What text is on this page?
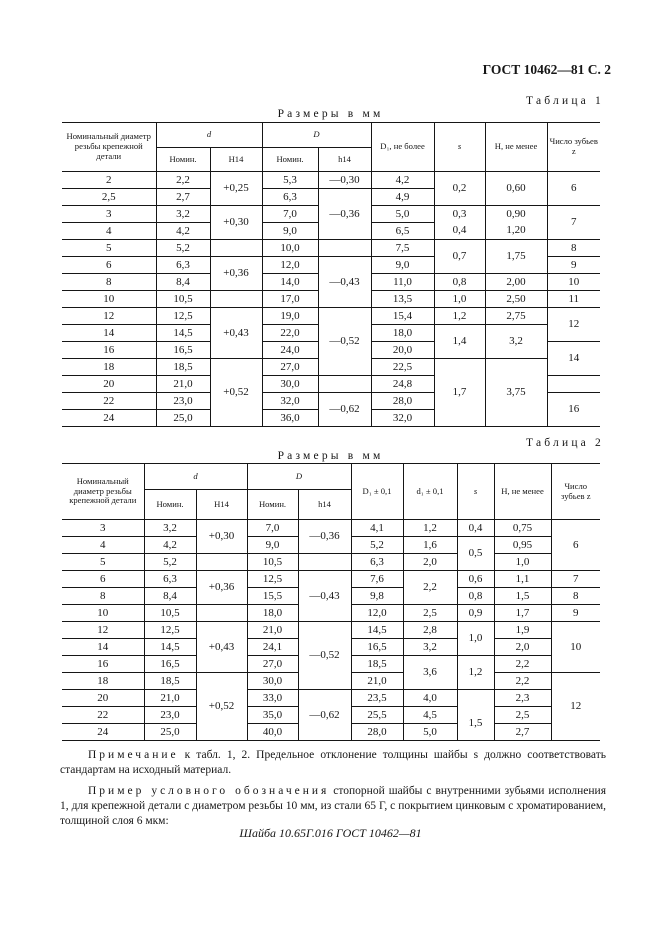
ГОСТ 10462—81 С. 2
Таблица 1
Размеры в мм
Номинальный диаметр резьбы крепежной детали	d		D		D₁, не более	s	H, не менее	Число зубьев z
	Номин.	H14	Номин.	h14				
2	2,2	+0,25	5,3	—0,30	4,2	0,2	0,60	6
2,5	2,7		6,3	—0,36	4,9			
3	3,2	+0,30	7,0		5,0	0,3	0,90	7
4	4,2		9,0		6,5	0,4	1,20	
5	5,2		10,0		7,5	0,7	1,75	8
6	6,3	+0,36	12,0	—0,43	9,0			9
8	8,4		14,0		11,0	0,8	2,00	10
10	10,5		17,0		13,5	1,0	2,50	11
12	12,5	+0,43	19,0	—0,52	15,4	1,2	2,75	12
14	14,5		22,0		18,0	1,4	3,2	
16	16,5		24,0		20,0			14
18	18,5	+0,52	27,0		22,5	1,7	3,75	
20	21,0		30,0		24,8			
22	23,0		32,0	—0,62	28,0			16
24	25,0		36,0		32,0			
Таблица 2
Размеры в мм
Номинальный диаметр резьбы крепежной детали	d		D		D₁ ± 0,1	d₁ ± 0,1	s	H, не менее	Число зубьев z
	Номин.	H14	Номин.	h14					
3	3,2	+0,30	7,0	—0,36	4,1	1,2	0,4	0,75	6
4	4,2		9,0		5,2	1,6	0,5	0,95	
5	5,2		10,5		6,3	2,0		1,0	
6	6,3	+0,36	12,5	—0,43	7,6	2,2	0,6	1,1	7
8	8,4		15,5		9,8		0,8	1,5	8
10	10,5		18,0		12,0	2,5	0,9	1,7	9
12	12,5	+0,43	21,0	—0,52	14,5	2,8	1,0	1,9	10
14	14,5		24,1		16,5	3,2		2,0	
16	16,5		27,0		18,5	3,6	1,2	2,2	
18	18,5	+0,52	30,0		21,0			2,2	12
20	21,0		33,0	—0,62	23,5	4,0		2,3	
22	23,0		35,0		25,5	4,5	1,5	2,5	
24	25,0		40,0		28,0	5,0		2,7	
Примечание к табл. 1, 2. Предельное отклонение толщины шайбы s должно соответствовать стандартам на исходный материал.
Пример условного обозначения стопорной шайбы с внутренними зубьями исполнения 1, для крепежной детали с диаметром резьбы 10 мм, из стали 65 Г, с покрытием цинковым с хроматированием, толщиной слоя 6 мкм:
Шайба 10.65Г.016 ГОСТ 10462—81
